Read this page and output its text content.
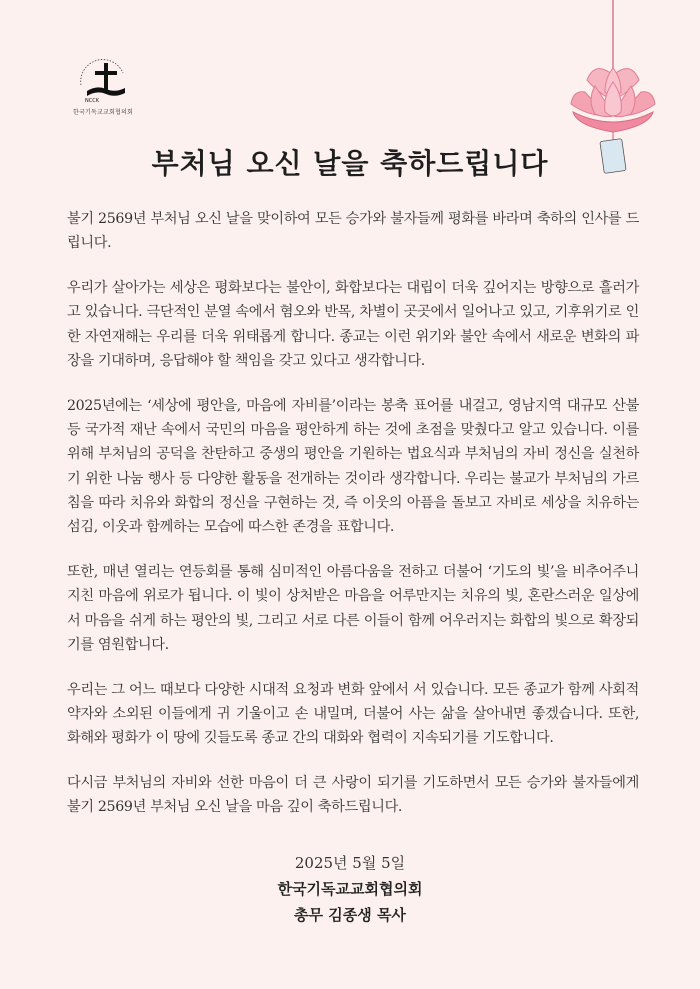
NCCK
한국기독교교회협의회
부처님 오신 날을 축하드립니다

불기 2569년 부처님 오신 날을 맞이하여 모든 승가와 불자들께 평화를 바라며 축하의 인사를 드립니다.

우리가 살아가는 세상은 평화보다는 불안이, 화합보다는 대립이 더욱 깊어지는 방향으로 흘러가고 있습니다. 극단적인 분열 속에서 혐오와 반목, 차별이 곳곳에서 일어나고 있고, 기후위기로 인한 자연재해는 우리를 더욱 위태롭게 합니다. 종교는 이런 위기와 불안 속에서 새로운 변화의 파장을 기대하며, 응답해야 할 책임을 갖고 있다고 생각합니다.

2025년에는 ‘세상에 평안을, 마음에 자비를’이라는 봉축 표어를 내걸고, 영남지역 대규모 산불 등 국가적 재난 속에서 국민의 마음을 평안하게 하는 것에 초점을 맞췄다고 알고 있습니다. 이를 위해 부처님의 공덕을 찬탄하고 중생의 평안을 기원하는 법요식과 부처님의 자비 정신을 실천하기 위한 나눔 행사 등 다양한 활동을 전개하는 것이라 생각합니다. 우리는 불교가 부처님의 가르침을 따라 치유와 화합의 정신을 구현하는 것, 즉 이웃의 아픔을 돌보고 자비로 세상을 치유하는 섬김, 이웃과 함께하는 모습에 따스한 존경을 표합니다.

또한, 매년 열리는 연등회를 통해 심미적인 아름다움을 전하고 더불어 ‘기도의 빛’을 비추어주니 지친 마음에 위로가 됩니다. 이 빛이 상처받은 마음을 어루만지는 치유의 빛, 혼란스러운 일상에서 마음을 쉬게 하는 평안의 빛, 그리고 서로 다른 이들이 함께 어우러지는 화합의 빛으로 확장되기를 염원합니다.

우리는 그 어느 때보다 다양한 시대적 요청과 변화 앞에서 서 있습니다. 모든 종교가 함께 사회적 약자와 소외된 이들에게 귀 기울이고 손 내밀며, 더불어 사는 삶을 살아내면 좋겠습니다. 또한, 화해와 평화가 이 땅에 깃들도록 종교 간의 대화와 협력이 지속되기를 기도합니다.

다시금 부처님의 자비와 선한 마음이 더 큰 사랑이 되기를 기도하면서 모든 승가와 불자들에게 불기 2569년 부처님 오신 날을 마음 깊이 축하드립니다.

2025년 5월 5일
한국기독교교회협의회
총무 김종생 목사
